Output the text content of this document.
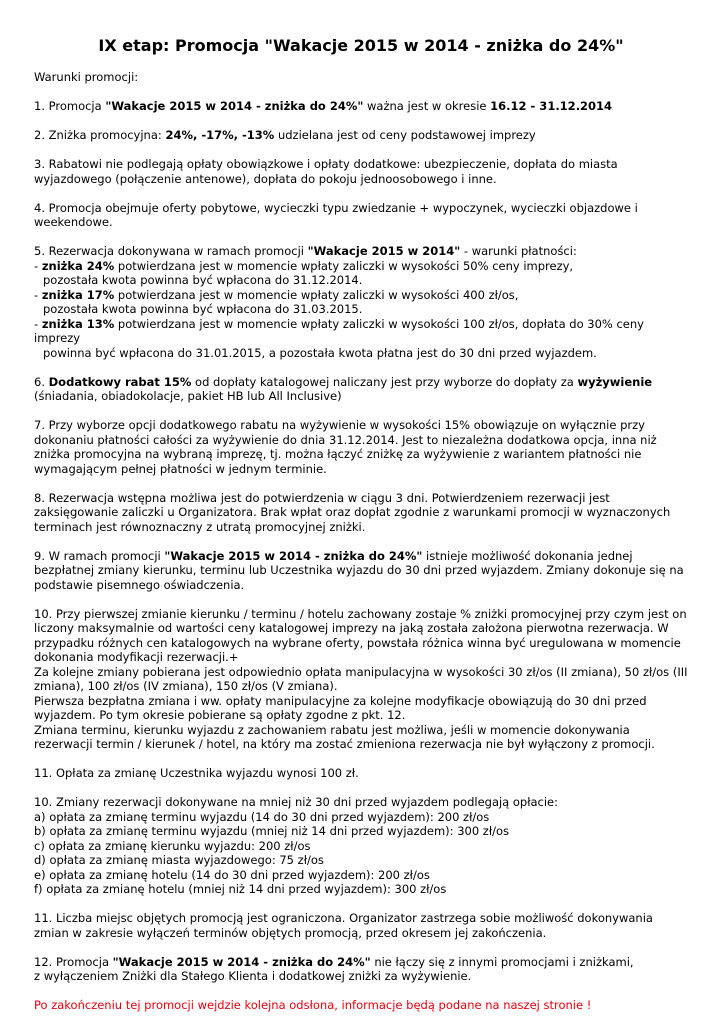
IX etap: Promocja "Wakacje 2015 w 2014 - zniżka do 24%"

Warunki promocji:

1. Promocja "Wakacje 2015 w 2014 - zniżka do 24%" ważna jest w okresie 16.12 - 31.12.2014

2. Zniżka promocyjna: 24%, -17%, -13% udzielana jest od ceny podstawowej imprezy

3. Rabatowi nie podlegają opłaty obowiązkowe i opłaty dodatkowe: ubezpieczenie, dopłata do miasta wyjazdowego (połączenie antenowe), dopłata do pokoju jednoosobowego i inne.

4. Promocja obejmuje oferty pobytowe, wycieczki typu zwiedzanie + wypoczynek, wycieczki objazdowe i weekendowe.

5. Rezerwacja dokonywana w ramach promocji "Wakacje 2015 w 2014" - warunki płatności:
- zniżka 24% potwierdzana jest w momencie wpłaty zaliczki w wysokości 50% ceny imprezy,
pozostała kwota powinna być wpłacona do 31.12.2014.
- zniżka 17% potwierdzana jest w momencie wpłaty zaliczki w wysokości 400 zł/os,
pozostała kwota powinna być wpłacona do 31.03.2015.
- zniżka 13% potwierdzana jest w momencie wpłaty zaliczki w wysokości 100 zł/os, dopłata do 30% ceny imprezy
powinna być wpłacona do 31.01.2015, a pozostała kwota płatna jest do 30 dni przed wyjazdem.

6. Dodatkowy rabat 15% od dopłaty katalogowej naliczany jest przy wyborze do dopłaty za wyżywienie
(śniadania, obiadokolacje, pakiet HB lub All Inclusive)

7. Przy wyborze opcji dodatkowego rabatu na wyżywienie w wysokości 15% obowiązuje on wyłącznie przy dokonaniu płatności całości za wyżywienie do dnia 31.12.2014. Jest to niezależna dodatkowa opcja, inna niż zniżka promocyjna na wybraną imprezę, tj. można łączyć zniżkę za wyżywienie z wariantem płatności nie wymagającym pełnej płatności w jednym terminie.

8. Rezerwacja wstępna możliwa jest do potwierdzenia w ciągu 3 dni. Potwierdzeniem rezerwacji jest zaksięgowanie zaliczki u Organizatora. Brak wpłat oraz dopłat zgodnie z warunkami promocji w wyznaczonych terminach jest równoznaczny z utratą promocyjnej zniżki.

9. W ramach promocji "Wakacje 2015 w 2014 - zniżka do 24%" istnieje możliwość dokonania jednej bezpłatnej zmiany kierunku, terminu lub Uczestnika wyjazdu do 30 dni przed wyjazdem. Zmiany dokonuje się na podstawie pisemnego oświadczenia.

10. Przy pierwszej zmianie kierunku / terminu / hotelu zachowany zostaje % zniżki promocyjnej przy czym jest on liczony maksymalnie od wartości ceny katalogowej imprezy na jaką została założona pierwotna rezerwacja. W przypadku różnych cen katalogowych na wybrane oferty, powstała różnica winna być uregulowana w momencie dokonania modyfikacji rezerwacji.+
Za kolejne zmiany pobierana jest odpowiednio opłata manipulacyjna w wysokości 30 zł/os (II zmiana), 50 zł/os (III zmiana), 100 zł/os (IV zmiana), 150 zł/os (V zmiana).
Pierwsza bezpłatna zmiana i ww. opłaty manipulacyjne za kolejne modyfikacje obowiązują do 30 dni przed wyjazdem. Po tym okresie pobierane są opłaty zgodne z pkt. 12.
Zmiana terminu, kierunku wyjazdu z zachowaniem rabatu jest możliwa, jeśli w momencie dokonywania rezerwacji termin / kierunek / hotel, na który ma zostać zmieniona rezerwacja nie był wyłączony z promocji.

11. Opłata za zmianę Uczestnika wyjazdu wynosi 100 zł.

10. Zmiany rezerwacji dokonywane na mniej niż 30 dni przed wyjazdem podlegają opłacie:
a) opłata za zmianę terminu wyjazdu (14 do 30 dni przed wyjazdem): 200 zł/os
b) opłata za zmianę terminu wyjazdu (mniej niż 14 dni przed wyjazdem): 300 zł/os
c) opłata za zmianę kierunku wyjazdu: 200 zł/os
d) opłata za zmianę miasta wyjazdowego: 75 zł/os
e) opłata za zmianę hotelu (14 do 30 dni przed wyjazdem): 200 zł/os
f) opłata za zmianę hotelu (mniej niż 14 dni przed wyjazdem): 300 zł/os

11. Liczba miejsc objętych promocją jest ograniczona. Organizator zastrzega sobie możliwość dokonywania zmian w zakresie wyłączeń terminów objętych promocją, przed okresem jej zakończenia.

12. Promocja "Wakacje 2015 w 2014 - zniżka do 24%" nie łączy się z innymi promocjami i zniżkami,
z wyłączeniem Zniżki dla Stałego Klienta i dodatkowej zniżki za wyżywienie.

Po zakończeniu tej promocji wejdzie kolejna odsłona, informacje będą podane na naszej stronie !
